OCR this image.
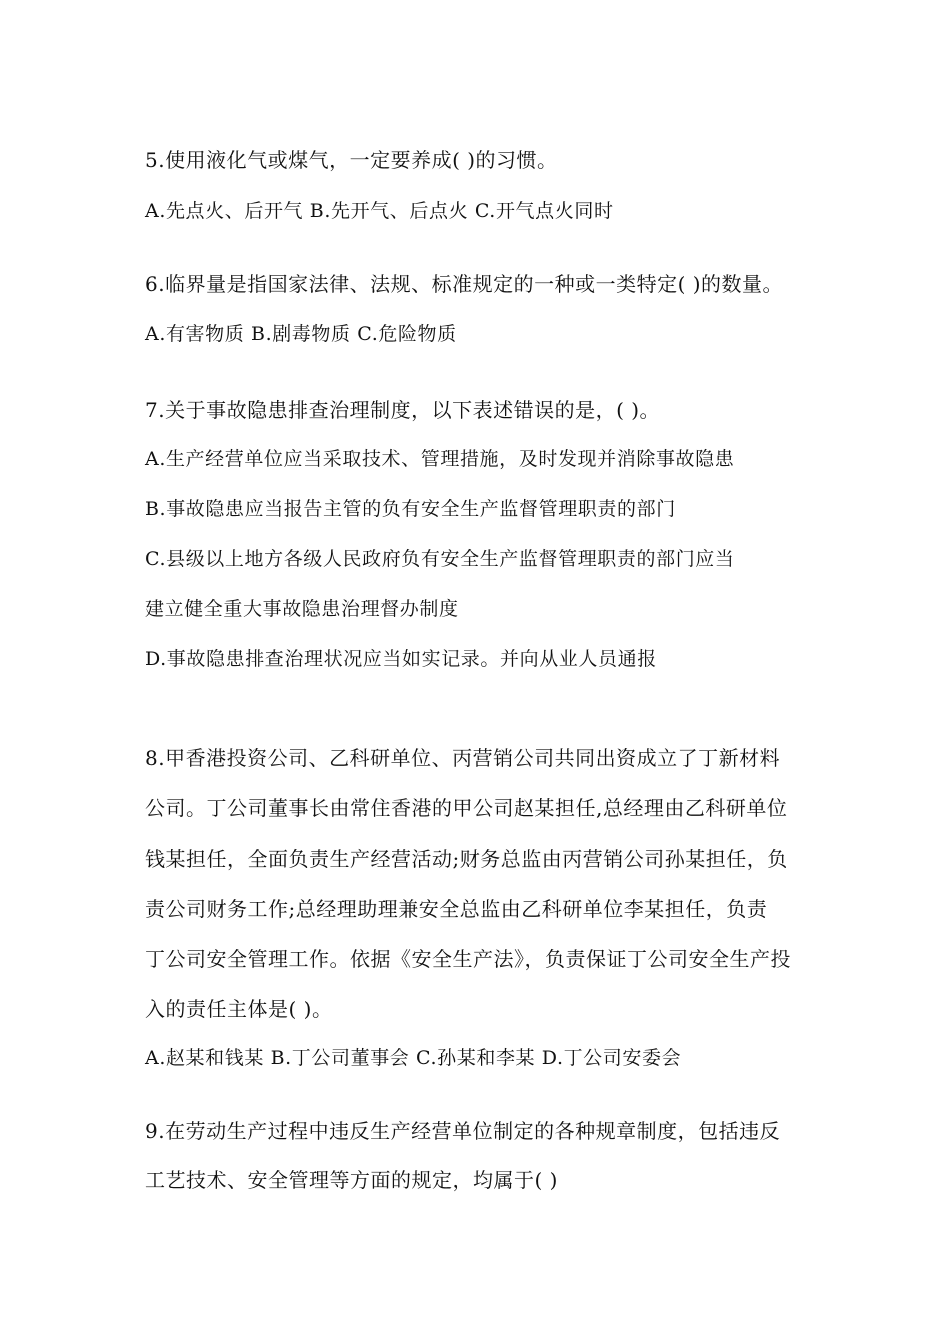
5.使用液化气或煤气，一定要养成( )的习惯。
A.先点火、后开气 B.先开气、后点火 C.开气点火同时
6.临界量是指国家法律、法规、标准规定的一种或一类特定( )的数量。
A.有害物质 B.剧毒物质 C.危险物质
7.关于事故隐患排查治理制度，以下表述错误的是，( )。
A.生产经营单位应当采取技术、管理措施，及时发现并消除事故隐患
B.事故隐患应当报告主管的负有安全生产监督管理职责的部门
C.县级以上地方各级人民政府负有安全生产监督管理职责的部门应当
建立健全重大事故隐患治理督办制度
D.事故隐患排查治理状况应当如实记录。并向从业人员通报
8.甲香港投资公司、乙科研单位、丙营销公司共同出资成立了丁新材料
公司。丁公司董事长由常住香港的甲公司赵某担任,总经理由乙科研单位
钱某担任，全面负责生产经营活动;财务总监由丙营销公司孙某担任，负
责公司财务工作;总经理助理兼安全总监由乙科研单位李某担任，负责
丁公司安全管理工作。依据《安全生产法》，负责保证丁公司安全生产投
入的责任主体是( )。
A.赵某和钱某 B.丁公司董事会 C.孙某和李某 D.丁公司安委会
9.在劳动生产过程中违反生产经营单位制定的各种规章制度，包括违反
工艺技术、安全管理等方面的规定，均属于( )
